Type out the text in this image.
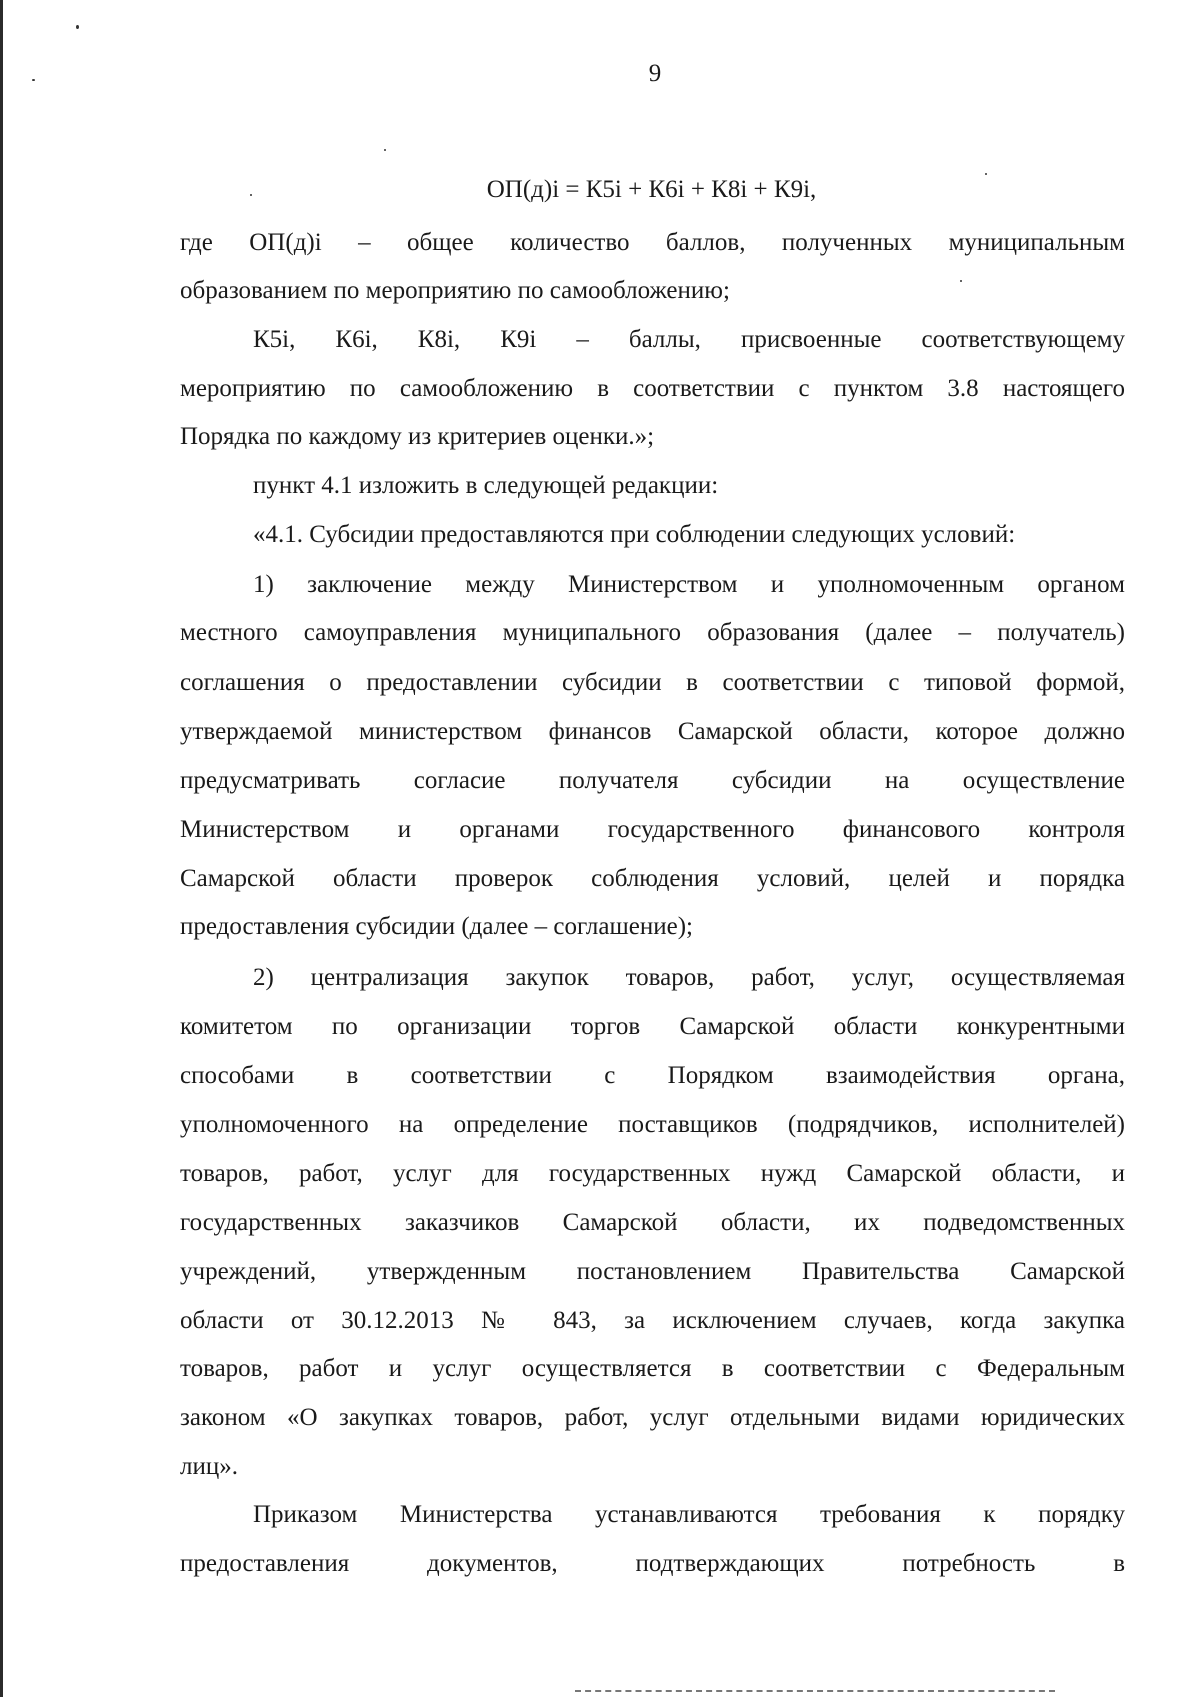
9
ОП(д)i = К5i + К6i + К8i + К9i,
где ОП(д)i – общее количество баллов, полученных муниципальным
образованием по мероприятию по самообложению;
К5i, К6i, К8i, К9i – баллы, присвоенные соответствующему
мероприятию по самообложению в соответствии с пунктом 3.8 настоящего
Порядка по каждому из критериев оценки.»;
пункт 4.1 изложить в следующей редакции:
«4.1. Субсидии предоставляются при соблюдении следующих условий:
1) заключение между Министерством и уполномоченным органом
местного самоуправления муниципального образования (далее – получатель)
соглашения о предоставлении субсидии в соответствии с типовой формой,
утверждаемой министерством финансов Самарской области, которое должно
предусматривать согласие получателя субсидии на осуществление
Министерством и органами государственного финансового контроля
Самарской области проверок соблюдения условий, целей и порядка
предоставления субсидии (далее – соглашение);
2) централизация закупок товаров, работ, услуг, осуществляемая
комитетом по организации торгов Самарской области конкурентными
способами в соответствии с Порядком взаимодействия органа,
уполномоченного на определение поставщиков (подрядчиков, исполнителей)
товаров, работ, услуг для государственных нужд Самарской области, и
государственных заказчиков Самарской области, их подведомственных
учреждений, утвержденным постановлением Правительства Самарской
области от 30.12.2013 № 843, за исключением случаев, когда закупка
товаров, работ и услуг осуществляется в соответствии с Федеральным
законом «О закупках товаров, работ, услуг отдельными видами юридических
лиц».
Приказом Министерства устанавливаются требования к порядку
предоставления документов, подтверждающих потребность в
